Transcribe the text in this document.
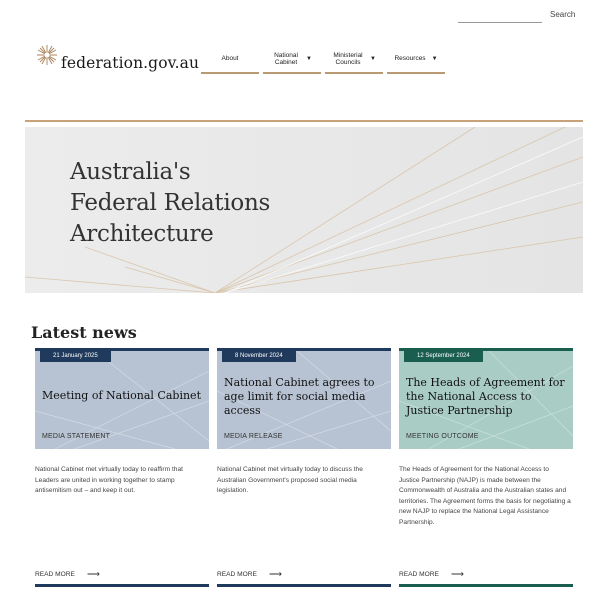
Search
federation.gov.au	About
National Cabinet
▼
Ministerial Councils
▼	Resources ▼
Australia's
Federal Relations
Architecture
Latest news
21 January 2025
Meeting of National Cabinet
MEDIA STATEMENT

National Cabinet met virtually today to reaffirm that Leaders are united in working together to stamp antisemitism out – and keep it out.

READ MORE ⟶
8 November 2024
National Cabinet agrees to age limit for social media access
MEDIA RELEASE

National Cabinet met virtually today to discuss the Australian Government's proposed social media legislation.

READ MORE ⟶
12 September 2024
The Heads of Agreement for the National Access to Justice Partnership
MEETING OUTCOME

The Heads of Agreement for the National Access to Justice Partnership (NAJP) is made between the Commonwealth of Australia and the Australian states and territories. The Agreement forms the basis for negotiating a new NAJP to replace the National Legal Assistance Partnership.

READ MORE ⟶
